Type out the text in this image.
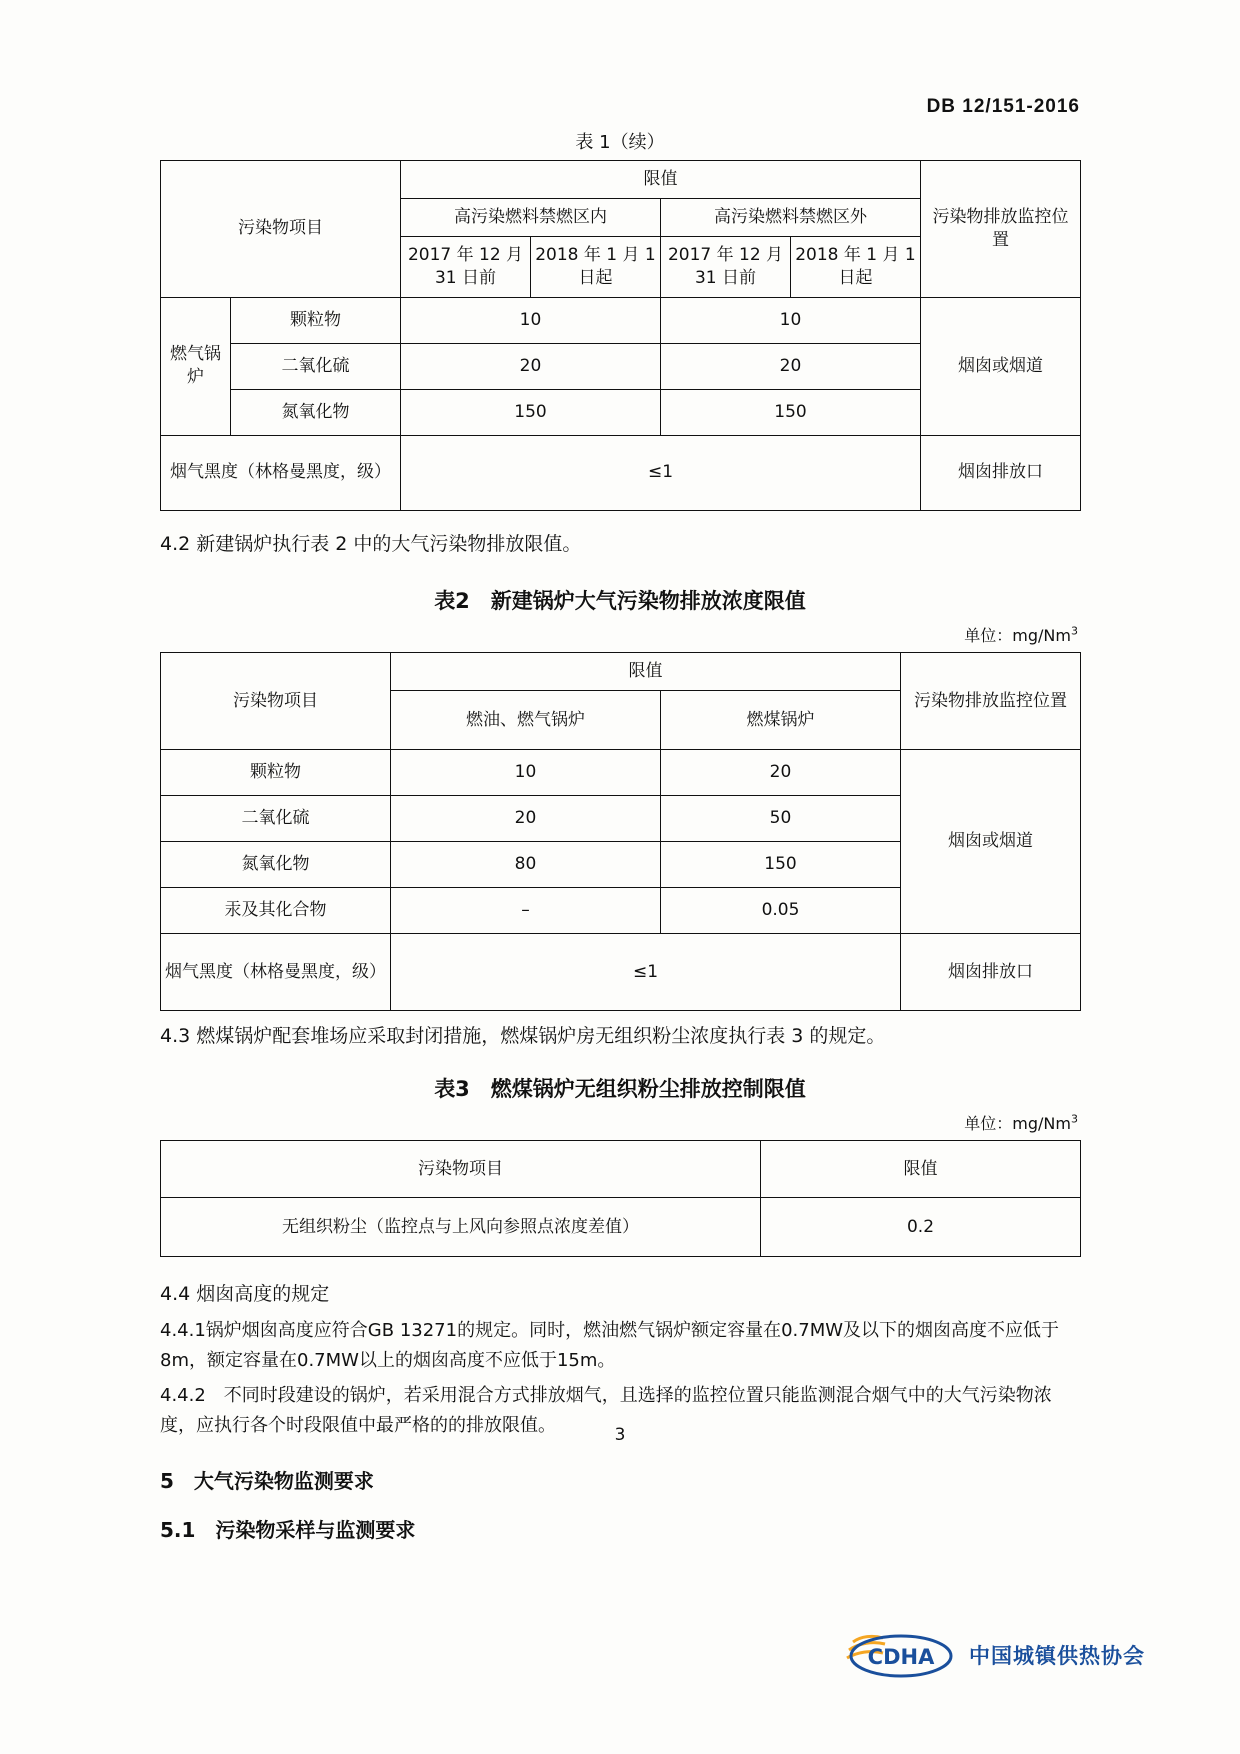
DB 12/151-2016
表 1（续）
污染物项目		限值				污染物排放监控位置
		高污染燃料禁燃区内		高污染燃料禁燃区外		
		2017 年 12 月 31 日前	2018 年 1 月 1 日起	2017 年 12 月 31 日前	2018 年 1 月 1 日起	
燃气锅炉	颗粒物	10		10		烟囱或烟道
	二氧化硫	20		20		
	氮氧化物	150		150		
烟气黑度（林格曼黑度，级）		≤1				烟囱排放口

4.2 新建锅炉执行表 2 中的大气污染物排放限值。

表2　新建锅炉大气污染物排放浓度限值
单位：mg/Nm$^3$
污染物项目	限值		污染物排放监控位置
	燃油、燃气锅炉	燃煤锅炉	
颗粒物	10	20	烟囱或烟道
二氧化硫	20	50	
氮氧化物	80	150	
汞及其化合物	–	0.05	
烟气黑度（林格曼黑度，级）	≤1		烟囱排放口

4.3 燃煤锅炉配套堆场应采取封闭措施，燃煤锅炉房无组织粉尘浓度执行表 3 的规定。

表3　燃煤锅炉无组织粉尘排放控制限值
单位：mg/Nm$^3$
污染物项目	限值
无组织粉尘（监控点与上风向参照点浓度差值）	0.2

4.4 烟囱高度的规定

4.4.1锅炉烟囱高度应符合GB 13271的规定。同时，燃油燃气锅炉额定容量在0.7MW及以下的烟囱高度不应低于8m，额定容量在0.7MW以上的烟囱高度不应低于15m。

4.4.2　不同时段建设的锅炉，若采用混合方式排放烟气，且选择的监控位置只能监测混合烟气中的大气污染物浓度，应执行各个时段限值中最严格的的排放限值。

5 大气污染物监测要求

5.1 污染物采样与监测要求

3
CDHA 中国城镇供热协会
